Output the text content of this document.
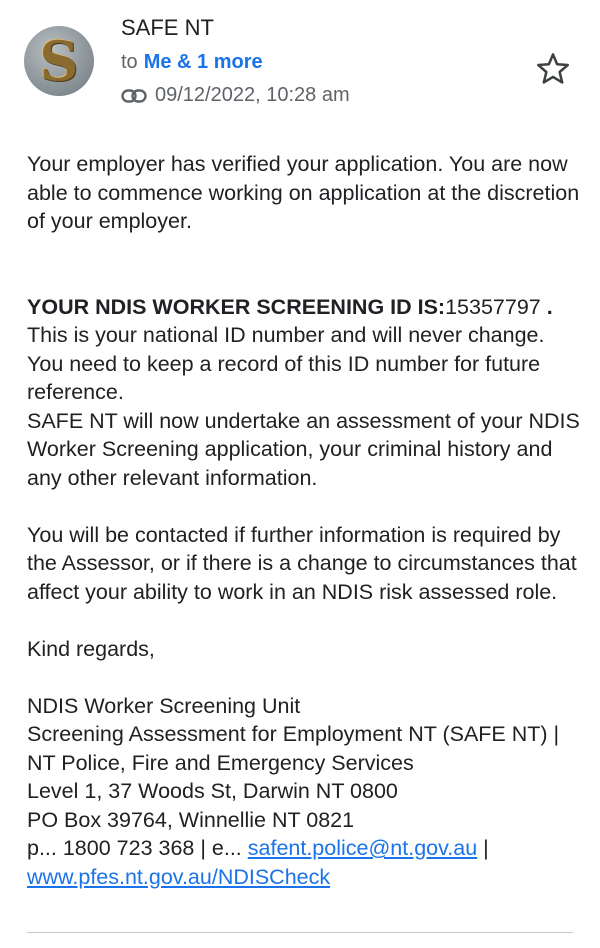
S
SAFE NT
to Me & 1 more
09/12/2022, 10:28 am

Your employer has verified your application. You are now able to commence working on application at the discretion of your employer.

YOUR NDIS WORKER SCREENING ID IS:15357797 .
This is your national ID number and will never change. You need to keep a record of this ID number for future reference.

SAFE NT will now undertake an assessment of your NDIS Worker Screening application, your criminal history and any other relevant information.

You will be contacted if further information is required by the Assessor, or if there is a change to circumstances that affect your ability to work in an NDIS risk assessed role.

Kind regards,

NDIS Worker Screening Unit
Screening Assessment for Employment NT (SAFE NT) | NT Police, Fire and Emergency Services
Level 1, 37 Woods St, Darwin NT 0800
PO Box 39764, Winnellie NT 0821
p... 1800 723 368 | e... safent.police@nt.gov.au |
www.pfes.nt.gov.au/NDISCheck
